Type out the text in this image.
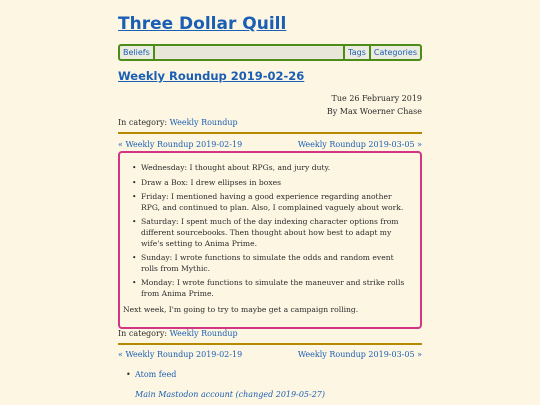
Three Dollar Quill
Beliefs	Tags	Categories
Weekly Roundup 2019-02-26
Tue 26 February 2019
By Max Woerner Chase
In category: Weekly Roundup
« Weekly Roundup 2019-02-19	Weekly Roundup 2019-03-05 »
• Wednesday: I thought about RPGs, and jury duty.
• Draw a Box: I drew ellipses in boxes
• Friday: I mentioned having a good experience regarding another RPG, and continued to plan. Also, I complained vaguely about work.
• Saturday: I spent much of the day indexing character options from different sourcebooks. Then thought about how best to adapt my wife's setting to Anima Prime.
• Sunday: I wrote functions to simulate the odds and random event rolls from Mythic.
• Monday: I wrote functions to simulate the maneuver and strike rolls from Anima Prime.
Next week, I'm going to try to maybe get a campaign rolling.
In category: Weekly Roundup
« Weekly Roundup 2019-02-19	Weekly Roundup 2019-03-05 »
• Atom feed
Main Mastodon account (changed 2019-05-27)
